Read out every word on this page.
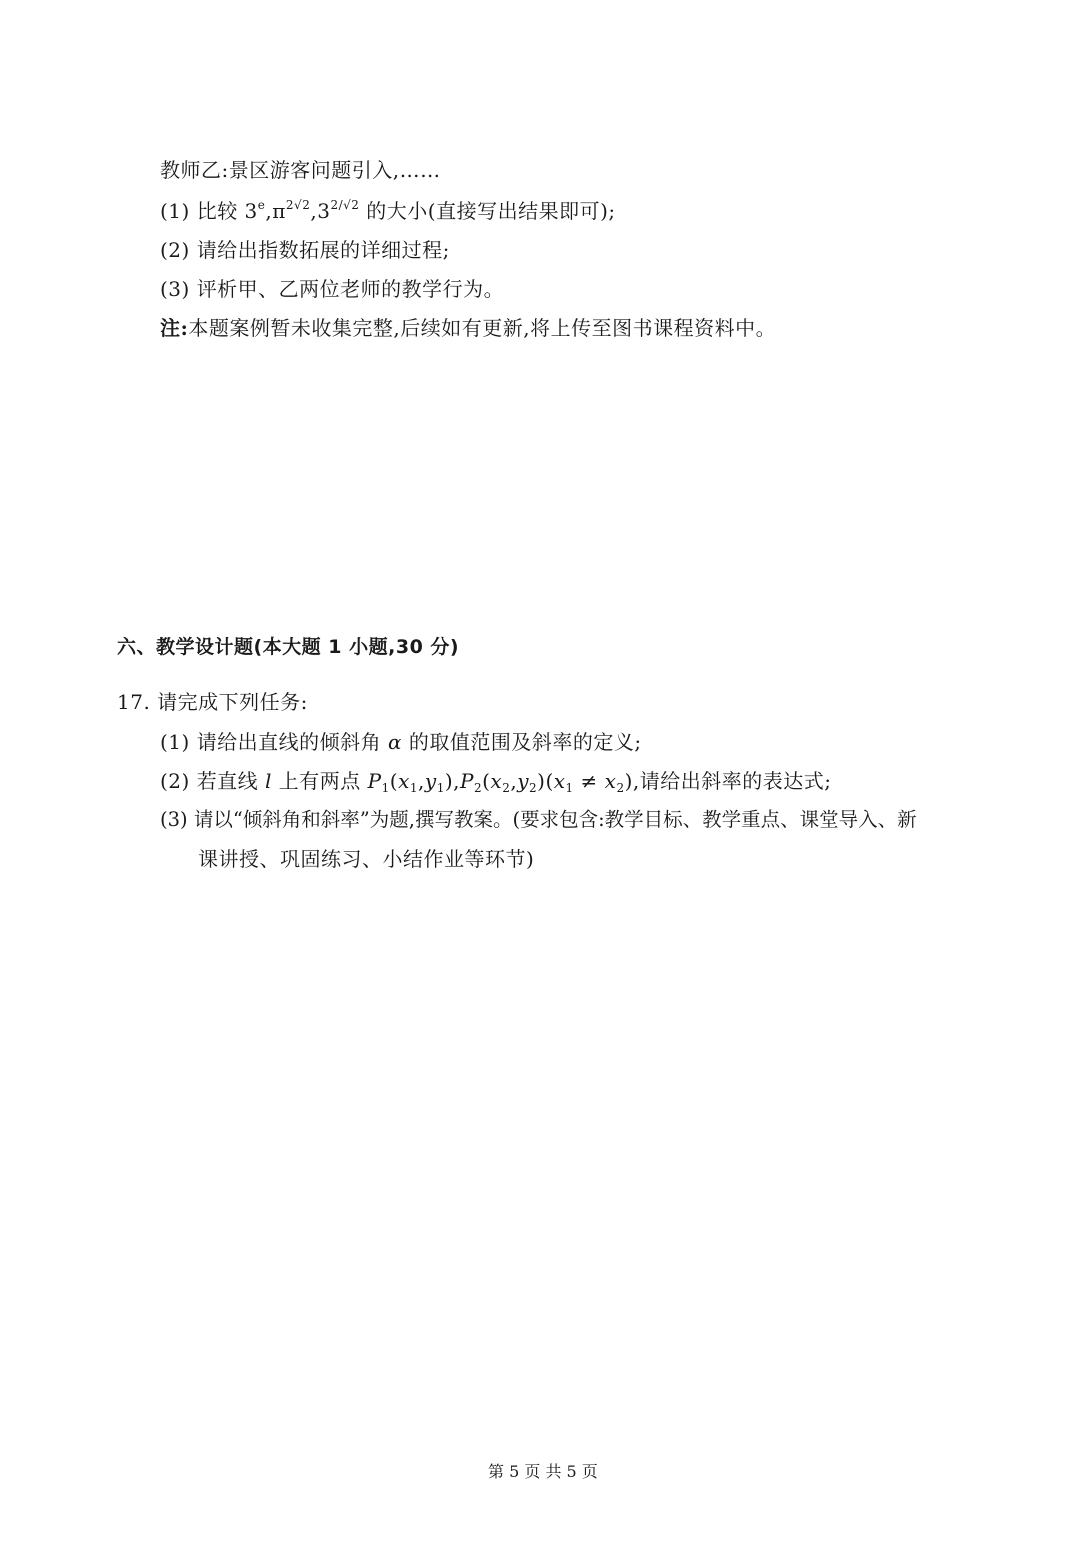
教师乙:景区游客问题引入,……
(1) 比较 $3e,\pi^{2√2},3^{2/√2}$ 的大小(直接写出结果即可);
(2) 请给出指数拓展的详细过程;
(3) 评析甲、乙两位老师的教学行为。
注:本题案例暂未收集完整,后续如有更新,将上传至图书课程资料中。
六、教学设计题(本大题 1 小题,30 分)
17. 请完成下列任务:
(1) 请给出直线的倾斜角 α 的取值范围及斜率的定义;
(2) 若直线 l 上有两点 $P_1(x_1,y_1),P_2(x_2,y_2)(x_1 \ne x_2)$,请给出斜率的表达式;
(3) 请以“倾斜角和斜率”为题,撰写教案。(要求包含:教学目标、教学重点、课堂导入、新
课讲授、巩固练习、小结作业等环节)
第 5 页 共 5 页
